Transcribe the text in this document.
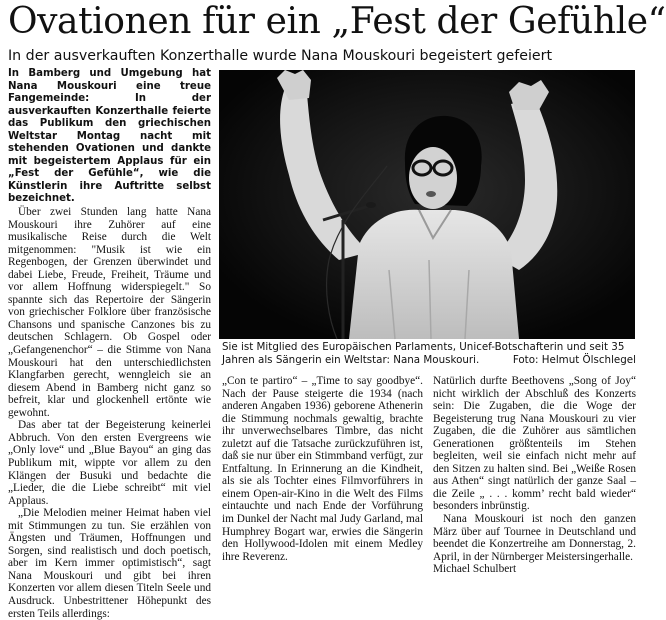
Ovationen für ein „Fest der Gefühle“
In der ausverkauften Konzerthalle wurde Nana Mouskouri begeistert gefeiert

In Bamberg und Umgebung hat Nana Mouskouri eine treue Fangemeinde: In der ausverkauften Konzerthalle feierte das Publikum den griechischen Weltstar Montag nacht mit stehenden Ovationen und dankte mit begeistertem Applaus für ein „Fest der Gefühle“, wie die Künstlerin ihre Auftritte selbst bezeichnet.

Über zwei Stunden lang hatte Nana Mouskouri ihre Zuhörer auf eine musikalische Reise durch die Welt mitgenommen: "Musik ist wie ein Regenbogen, der Grenzen überwindet und dabei Liebe, Freude, Freiheit, Träume und vor allem Hoffnung widerspiegelt." So spannte sich das Repertoire der Sängerin von griechischer Folklore über französische Chansons und spanische Canzones bis zu deutschen Schlagern. Ob Gospel oder „Gefangenenchor“ – die Stimme von Nana Mouskouri hat den unterschiedlichsten Klangfarben gerecht, wenngleich sie an diesem Abend in Bamberg nicht ganz so befreit, klar und glockenhell ertönte wie gewohnt.

Das aber tat der Begeisterung keinerlei Abbruch. Von den ersten Evergreens wie „Only love“ und „Blue Bayou“ an ging das Publikum mit, wippte vor allem zu den Klängen der Busuki und bedachte die „Lieder, die die Liebe schreibt“ mit viel Applaus.

„Die Melodien meiner Heimat haben viel mit Stimmungen zu tun. Sie erzählen von Ängsten und Träumen, Hoffnungen und Sorgen, sind realistisch und doch poetisch, aber im Kern immer optimistisch“, sagt Nana Mouskouri und gibt bei ihren Konzerten vor allem diesen Titeln Seele und Ausdruck. Unbestrittener Höhepunkt des ersten Teils allerdings:

Sie ist Mitglied des Europäischen Parlaments, Unicef-Botschafterin und seit 35
Jahren als Sängerin ein Weltstar: Nana Mouskouri.	Foto: Helmut Ölschlegel

„Con te partiro“ – „Time to say goodbye“. Nach der Pause steigerte die 1934 (nach anderen Angaben 1936) geborene Athenerin die Stimmung nochmals gewaltig, brachte ihr unverwechselbares Timbre, das nicht zuletzt auf die Tatsache zurückzuführen ist, daß sie nur über ein Stimmband verfügt, zur Entfaltung. In Erinnerung an die Kindheit, als sie als Tochter eines Filmvorführers in einem Open-air-Kino in die Welt des Films eintauchte und nach Ende der Vorführung im Dunkel der Nacht mal Judy Garland, mal Humphrey Bogart war, erwies die Sängerin den Hollywood-Idolen mit einem Medley ihre Reverenz.

Natürlich durfte Beethovens „Song of Joy“ nicht wirklich der Abschluß des Konzerts sein: Die Zugaben, die die Woge der Begeisterung trug Nana Mouskouri zu vier Zugaben, die die Zuhörer aus sämtlichen Generationen größtenteils im Stehen begleiten, weil sie einfach nicht mehr auf den Sitzen zu halten sind. Bei „Weiße Rosen aus Athen“ singt natürlich der ganze Saal – die Zeile „ . . . komm’ recht bald wieder“ besonders inbrünstig.

Nana Mouskouri ist noch den ganzen März über auf Tournee in Deutschland und beendet die Konzertreihe am Donnerstag, 2. April, in der Nürnberger Meistersingerhalle.

Michael Schulbert
